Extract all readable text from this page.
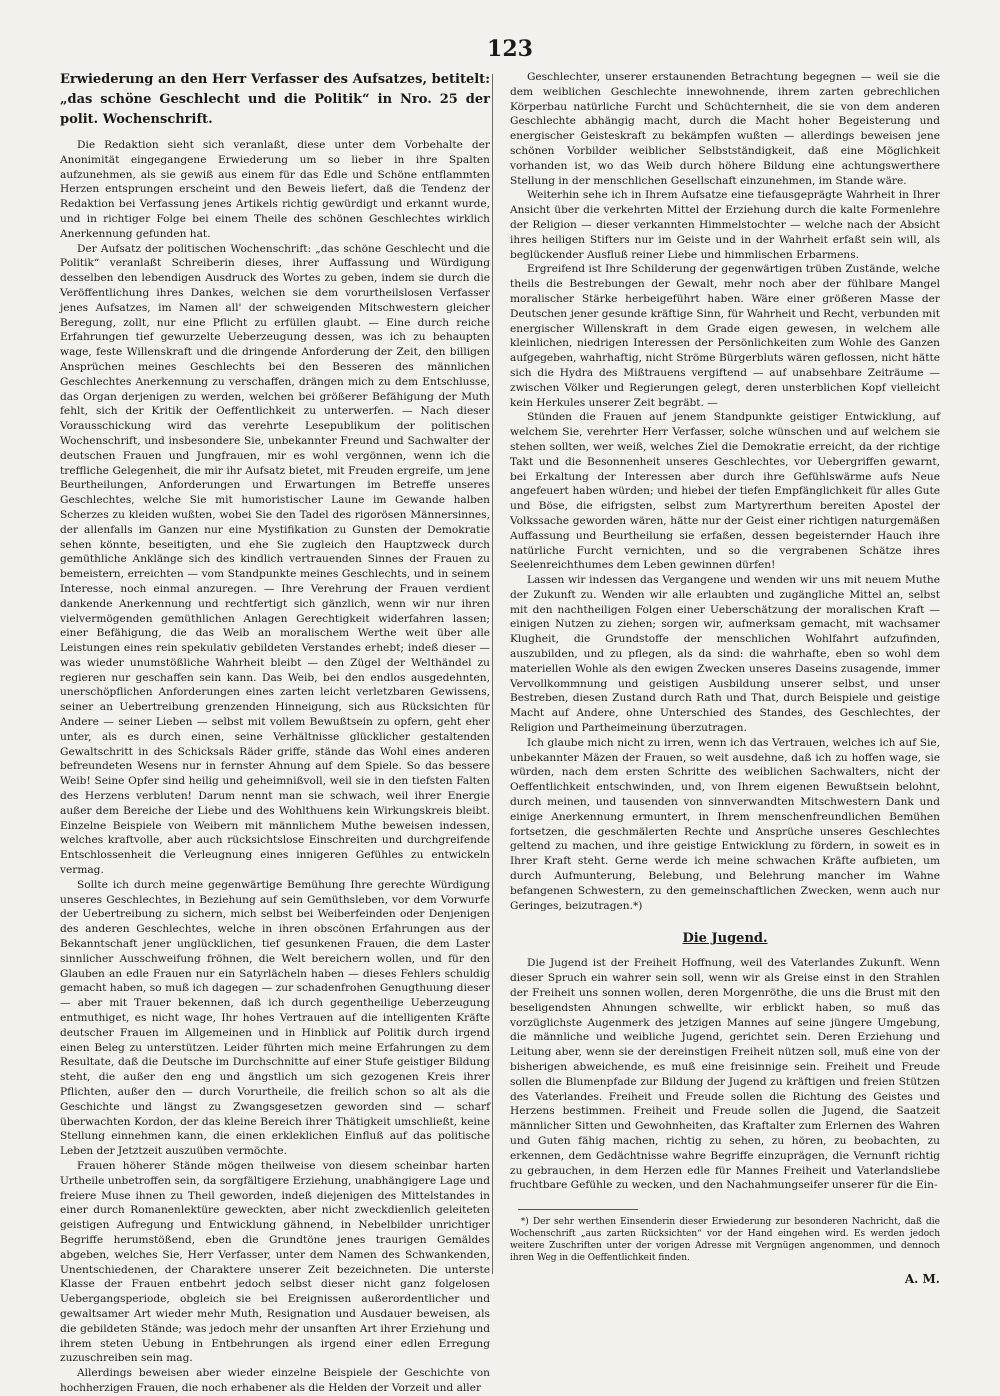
123
Erwiederung an den Herr Verfasser des Aufsatzes, betitelt: „das schöne Geschlecht und die Politik“ in Nro. 25 der polit. Wochenschrift.

Die Redaktion sieht sich veranlaßt, diese unter dem Vorbehalte der Anonimität eingegangene Erwiederung um so lieber in ihre Spalten aufzunehmen, als sie gewiß aus einem für das Edle und Schöne entflammten Herzen entsprungen erscheint und den Beweis liefert, daß die Tendenz der Redaktion bei Verfassung jenes Artikels richtig gewürdigt und erkannt wurde, und in richtiger Folge bei einem Theile des schönen Geschlechtes wirklich Anerkennung gefunden hat.

Der Aufsatz der politischen Wochenschrift: „das schöne Geschlecht und die Politik“ veranlaßt Schreiberin dieses, ihrer Auffassung und Würdigung desselben den lebendigen Ausdruck des Wortes zu geben, indem sie durch die Veröffentlichung ihres Dankes, welchen sie dem vorurtheilslosen Verfasser jenes Aufsatzes, im Namen all' der schweigenden Mitschwestern gleicher Beregung, zollt, nur eine Pflicht zu erfüllen glaubt. — Eine durch reiche Erfahrungen tief gewurzelte Ueberzeugung dessen, was ich zu behaupten wage, feste Willenskraft und die dringende Anforderung der Zeit, den billigen Ansprüchen meines Geschlechts bei den Besseren des männlichen Geschlechtes Anerkennung zu verschaffen, drängen mich zu dem Entschlusse, das Organ derjenigen zu werden, welchen bei größerer Befähigung der Muth fehlt, sich der Kritik der Oeffentlichkeit zu unterwerfen. — Nach dieser Vorausschickung wird das verehrte Lesepublikum der politischen Wochenschrift, und insbesondere Sie, unbekannter Freund und Sachwalter der deutschen Frauen und Jungfrauen, mir es wohl vergönnen, wenn ich die treffliche Gelegenheit, die mir ihr Aufsatz bietet, mit Freuden ergreife, um jene Beurtheilungen, Anforderungen und Erwartungen im Betreffe unseres Geschlechtes, welche Sie mit humoristischer Laune im Gewande halben Scherzes zu kleiden wußten, wobei Sie den Tadel des rigorösen Männersinnes, der allenfalls im Ganzen nur eine Mystifikation zu Gunsten der Demokratie sehen könnte, beseitigten, und ehe Sie zugleich den Hauptzweck durch gemüthliche Anklänge sich des kindlich vertrauenden Sinnes der Frauen zu bemeistern, erreichten — vom Standpunkte meines Geschlechts, und in seinem Interesse, noch einmal anzuregen. — Ihre Verehrung der Frauen verdient dankende Anerkennung und rechtfertigt sich gänzlich, wenn wir nur ihren vielvermögenden gemüthlichen Anlagen Gerechtigkeit widerfahren lassen; einer Befähigung, die das Weib an moralischem Werthe weit über alle Leistungen eines rein spekulativ gebildeten Verstandes erhebt; indeß dieser — was wieder unumstößliche Wahrheit bleibt — den Zügel der Welthändel zu regieren nur geschaffen sein kann. Das Weib, bei den endlos ausgedehnten, unerschöpflichen Anforderungen eines zarten leicht verletzbaren Gewissens, seiner an Uebertreibung grenzenden Hinneigung, sich aus Rücksichten für Andere — seiner Lieben — selbst mit vollem Bewußtsein zu opfern, geht eher unter, als es durch einen, seine Verhältnisse glücklicher gestaltenden Gewaltschritt in des Schicksals Räder griffe, stände das Wohl eines anderen befreundeten Wesens nur in fernster Ahnung auf dem Spiele. So das bessere Weib! Seine Opfer sind heilig und geheimnißvoll, weil sie in den tiefsten Falten des Herzens verbluten! Darum nennt man sie schwach, weil ihrer Energie außer dem Bereiche der Liebe und des Wohlthuens kein Wirkungskreis bleibt. Einzelne Beispiele von Weibern mit männlichem Muthe beweisen indessen, welches kraftvolle, aber auch rücksichtslose Einschreiten und durchgreifende Entschlossenheit die Verleugnung eines innigeren Gefühles zu entwickeln vermag.

Sollte ich durch meine gegenwärtige Bemühung Ihre gerechte Würdigung unseres Geschlechtes, in Beziehung auf sein Gemüthsleben, vor dem Vorwurfe der Uebertreibung zu sichern, mich selbst bei Weiberfeinden oder Denjenigen des anderen Geschlechtes, welche in ihren obscönen Erfahrungen aus der Bekanntschaft jener unglücklichen, tief gesunkenen Frauen, die dem Laster sinnlicher Ausschweifung fröhnen, die Welt bereichern wollen, und für den Glauben an edle Frauen nur ein Satyrlächeln haben — dieses Fehlers schuldig gemacht haben, so muß ich dagegen — zur schadenfrohen Genugthuung dieser — aber mit Trauer bekennen, daß ich durch gegentheilige Ueberzeugung entmuthiget, es nicht wage, Ihr hohes Vertrauen auf die intelligenten Kräfte deutscher Frauen im Allgemeinen und in Hinblick auf Politik durch irgend einen Beleg zu unterstützen. Leider führten mich meine Erfahrungen zu dem Resultate, daß die Deutsche im Durchschnitte auf einer Stufe geistiger Bildung steht, die außer den eng und ängstlich um sich gezogenen Kreis ihrer Pflichten, außer den — durch Vorurtheile, die freilich schon so alt als die Geschichte und längst zu Zwangsgesetzen geworden sind — scharf überwachten Kordon, der das kleine Bereich ihrer Thätigkeit umschließt, keine Stellung einnehmen kann, die einen erkleklichen Einfluß auf das politische Leben der Jetztzeit auszuüben vermöchte.

Frauen höherer Stände mögen theilweise von diesem scheinbar harten Urtheile unbetroffen sein, da sorgfältigere Erziehung, unabhängigere Lage und freiere Muse ihnen zu Theil geworden, indeß diejenigen des Mittelstandes in einer durch Romanenlektüre geweckten, aber nicht zweckdienlich geleiteten geistigen Aufregung und Entwicklung gähnend, in Nebelbilder unrichtiger Begriffe herumstößend, eben die Grundtöne jenes traurigen Gemäldes abgeben, welches Sie, Herr Verfasser, unter dem Namen des Schwankenden, Unentschiedenen, der Charaktere unserer Zeit bezeichneten. Die unterste Klasse der Frauen entbehrt jedoch selbst dieser nicht ganz folgelosen Uebergangsperiode, obgleich sie bei Ereignissen außerordentlicher und gewaltsamer Art wieder mehr Muth, Resignation und Ausdauer beweisen, als die gebildeten Stände; was jedoch mehr der unsanften Art ihrer Erziehung und ihrem steten Uebung in Entbehrungen als irgend einer edlen Erregung zuzuschreiben sein mag.

Allerdings beweisen aber wieder einzelne Beispiele der Geschichte von hochherzigen Frauen, die noch erhabener als die Helden der Vorzeit und aller

Geschlechter, unserer erstaunenden Betrachtung begegnen — weil sie die dem weiblichen Geschlechte innewohnende, ihrem zarten gebrechlichen Körperbau natürliche Furcht und Schüchternheit, die sie von dem anderen Geschlechte abhängig macht, durch die Macht hoher Begeisterung und energischer Geisteskraft zu bekämpfen wußten — allerdings beweisen jene schönen Vorbilder weiblicher Selbstständigkeit, daß eine Möglichkeit vorhanden ist, wo das Weib durch höhere Bildung eine achtungswerthere Stellung in der menschlichen Gesellschaft einzunehmen, im Stande wäre.

Weiterhin sehe ich in Ihrem Aufsatze eine tiefausgeprägte Wahrheit in Ihrer Ansicht über die verkehrten Mittel der Erziehung durch die kalte Formenlehre der Religion — dieser verkannten Himmelstochter — welche nach der Absicht ihres heiligen Stifters nur im Geiste und in der Wahrheit erfaßt sein will, als beglückender Ausfluß reiner Liebe und himmlischen Erbarmens.

Ergreifend ist Ihre Schilderung der gegenwärtigen trüben Zustände, welche theils die Bestrebungen der Gewalt, mehr noch aber der fühlbare Mangel moralischer Stärke herbeigeführt haben. Wäre einer größeren Masse der Deutschen jener gesunde kräftige Sinn, für Wahrheit und Recht, verbunden mit energischer Willenskraft in dem Grade eigen gewesen, in welchem alle kleinlichen, niedrigen Interessen der Persönlichkeiten zum Wohle des Ganzen aufgegeben, wahrhaftig, nicht Ströme Bürgerbluts wären geflossen, nicht hätte sich die Hydra des Mißtrauens vergiftend — auf unabsehbare Zeiträume — zwischen Völker und Regierungen gelegt, deren unsterblichen Kopf vielleicht kein Herkules unserer Zeit begräbt. —

Stünden die Frauen auf jenem Standpunkte geistiger Entwicklung, auf welchem Sie, verehrter Herr Verfasser, solche wünschen und auf welchem sie stehen sollten, wer weiß, welches Ziel die Demokratie erreicht, da der richtige Takt und die Besonnenheit unseres Geschlechtes, vor Uebergriffen gewarnt, bei Erkaltung der Interessen aber durch ihre Gefühlswärme aufs Neue angefeuert haben würden; und hiebei der tiefen Empfänglichkeit für alles Gute und Böse, die eifrigsten, selbst zum Martyrerthum bereiten Apostel der Volkssache geworden wären, hätte nur der Geist einer richtigen naturgemäßen Auffassung und Beurtheilung sie erfaßen, dessen begeisternder Hauch ihre natürliche Furcht vernichten, und so die vergrabenen Schätze ihres Seelenreichthumes dem Leben gewinnen dürfen!

Lassen wir indessen das Vergangene und wenden wir uns mit neuem Muthe der Zukunft zu. Wenden wir alle erlaubten und zugängliche Mittel an, selbst mit den nachtheiligen Folgen einer Ueberschätzung der moralischen Kraft — einigen Nutzen zu ziehen; sorgen wir, aufmerksam gemacht, mit wachsamer Klugheit, die Grundstoffe der menschlichen Wohlfahrt aufzufinden, auszubilden, und zu pflegen, als da sind: die wahrhafte, eben so wohl dem materiellen Wohle als den ewigen Zwecken unseres Daseins zusagende, immer Vervollkommnung und geistigen Ausbildung unserer selbst, und unser Bestreben, diesen Zustand durch Rath und That, durch Beispiele und geistige Macht auf Andere, ohne Unterschied des Standes, des Geschlechtes, der Religion und Partheimeinung überzutragen.

Ich glaube mich nicht zu irren, wenn ich das Vertrauen, welches ich auf Sie, unbekannter Mäzen der Frauen, so weit ausdehne, daß ich zu hoffen wage, sie würden, nach dem ersten Schritte des weiblichen Sachwalters, nicht der Oeffentlichkeit entschwinden, und, von Ihrem eigenen Bewußtsein belohnt, durch meinen, und tausenden von sinnverwandten Mitschwestern Dank und einige Anerkennung ermuntert, in Ihrem menschenfreundlichen Bemühen fortsetzen, die geschmälerten Rechte und Ansprüche unseres Geschlechtes geltend zu machen, und ihre geistige Entwicklung zu fördern, in soweit es in Ihrer Kraft steht. Gerne werde ich meine schwachen Kräfte aufbieten, um durch Aufmunterung, Belebung, und Belehrung mancher im Wahne befangenen Schwestern, zu den gemeinschaftlichen Zwecken, wenn auch nur Geringes, beizutragen.*)

Die Jugend.

Die Jugend ist der Freiheit Hoffnung, weil des Vaterlandes Zukunft. Wenn dieser Spruch ein wahrer sein soll, wenn wir als Greise einst in den Strahlen der Freiheit uns sonnen wollen, deren Morgenröthe, die uns die Brust mit den beseligendsten Ahnungen schwellte, wir erblickt haben, so muß das vorzüglichste Augenmerk des jetzigen Mannes auf seine jüngere Umgebung, die männliche und weibliche Jugend, gerichtet sein. Deren Erziehung und Leitung aber, wenn sie der dereinstigen Freiheit nützen soll, muß eine von der bisherigen abweichende, es muß eine freisinnige sein. Freiheit und Freude sollen die Blumenpfade zur Bildung der Jugend zu kräftigen und freien Stützen des Vaterlandes. Freiheit und Freude sollen die Richtung des Geistes und Herzens bestimmen. Freiheit und Freude sollen die Jugend, die Saatzeit männlicher Sitten und Gewohnheiten, das Kraftalter zum Erlernen des Wahren und Guten fähig machen, richtig zu sehen, zu hören, zu beobachten, zu erkennen, dem Gedächtnisse wahre Begriffe einzuprägen, die Vernunft richtig zu gebrauchen, in dem Herzen edle für Mannes Freiheit und Vaterlandsliebe fruchtbare Gefühle zu wecken, und den Nachahmungseifer unserer für die Ein-

*) Der sehr werthen Einsenderin dieser Erwiederung zur besonderen Nachricht, daß die Wochenschrift „aus zarten Rücksichten“ vor der Hand eingehen wird. Es werden jedoch weitere Zuschriften unter der vorigen Adresse mit Vergnügen angenommen, und dennoch ihren Weg in die Oeffentlichkeit finden.

A. M.
